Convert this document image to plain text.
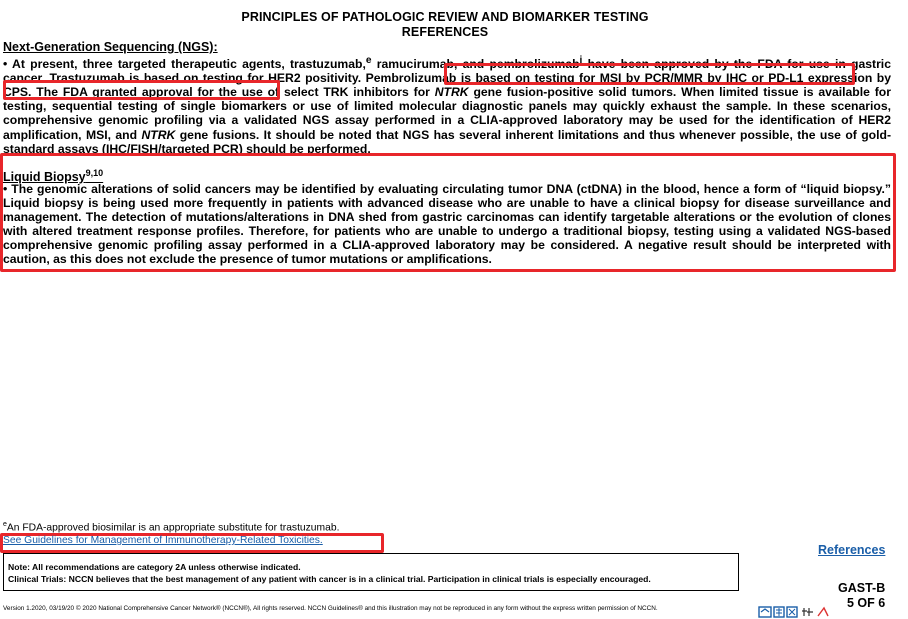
PRINCIPLES OF PATHOLOGIC REVIEW AND BIOMARKER TESTING
REFERENCES
Next-Generation Sequencing (NGS):
• At present, three targeted therapeutic agents, trastuzumab,$^e$ ramucirumab, and pembrolizumab$^i$ have been approved by the FDA for use in gastric cancer. Trastuzumab is based on testing for HER2 positivity. Pembrolizumab is based on testing for MSI by PCR/MMR by IHC or PD-L1 expression by CPS. The FDA granted approval for the use of select TRK inhibitors for NTRK gene fusion-positive solid tumors. When limited tissue is available for testing, sequential testing of single biomarkers or use of limited molecular diagnostic panels may quickly exhaust the sample. In these scenarios, comprehensive genomic profiling via a validated NGS assay performed in a CLIA-approved laboratory may be used for the identification of HER2 amplification, MSI, and NTRK gene fusions. It should be noted that NGS has several inherent limitations and thus whenever possible, the use of gold-standard assays (IHC/FISH/targeted PCR) should be performed.
Liquid Biopsy$^{9,10}$
• The genomic alterations of solid cancers may be identified by evaluating circulating tumor DNA (ctDNA) in the blood, hence a form of “liquid biopsy.” Liquid biopsy is being used more frequently in patients with advanced disease who are unable to have a clinical biopsy for disease surveillance and management. The detection of mutations/alterations in DNA shed from gastric carcinomas can identify targetable alterations or the evolution of clones with altered treatment response profiles. Therefore, for patients who are unable to undergo a traditional biopsy, testing using a validated NGS-based comprehensive genomic profiling assay performed in a CLIA-approved laboratory may be considered. A negative result should be interpreted with caution, as this does not exclude the presence of tumor mutations or amplifications.
$^e$An FDA-approved biosimilar is an appropriate substitute for trastuzumab.
See Guidelines for Management of Immunotherapy-Related Toxicities.
References
Note: All recommendations are category 2A unless otherwise indicated.
Clinical Trials: NCCN believes that the best management of any patient with cancer is in a clinical trial. Participation in clinical trials is especially encouraged.
GAST-B
5 OF 6
Version 1.2020, 03/19/20 © 2020 National Comprehensive Cancer Network® (NCCN®), All rights reserved. NCCN Guidelines® and this illustration may not be reproduced in any form without the express written permission of NCCN.
